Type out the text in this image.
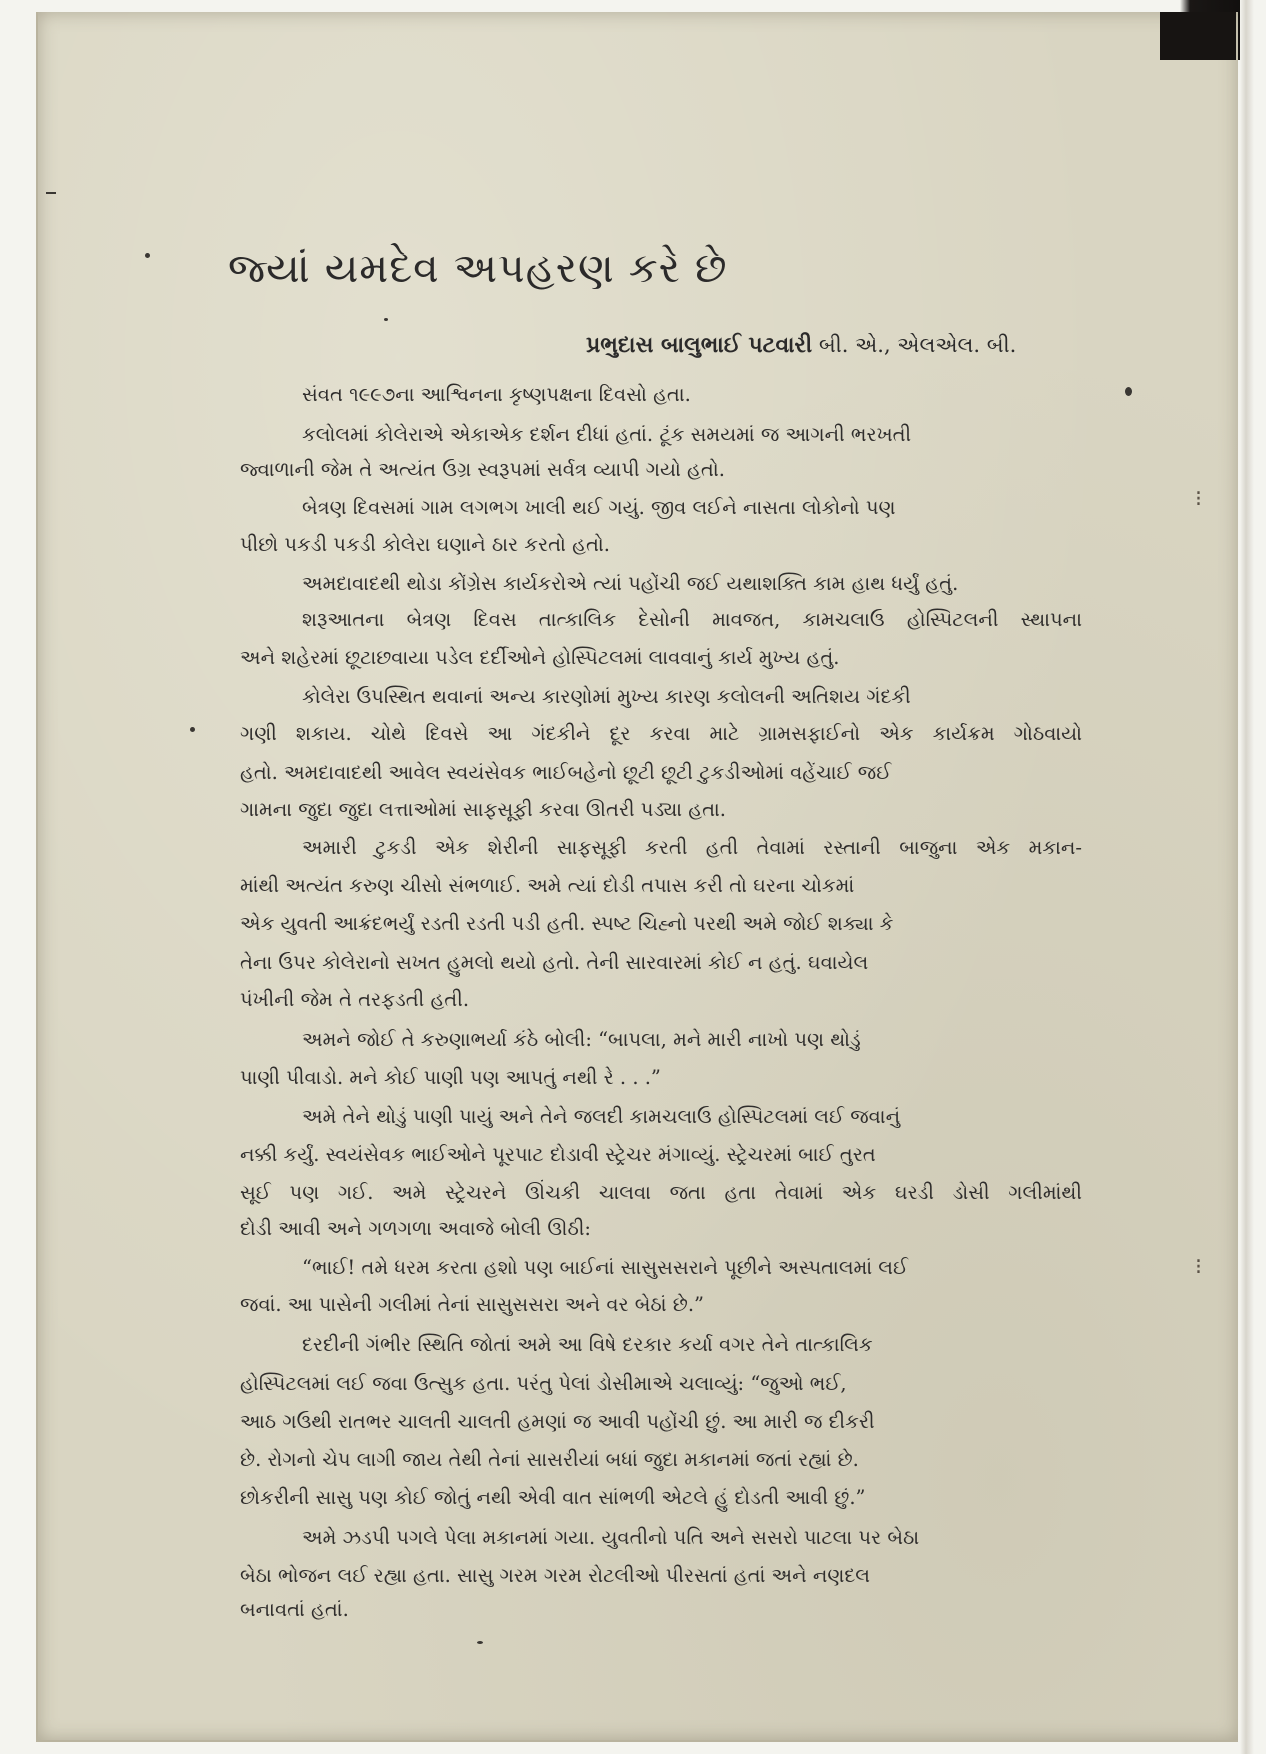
⁝
⁝
જ્યાં યમદેવ અપહરણ કરે છે
પ્રભુદાસ બાલુભાઈ પટવારી બી. એ., એલએલ. બી.
સંવત ૧૯૯૭ના આશ્વિનના કૃષ્ણપક્ષના દિવસો હતા.
કલોલમાં કોલેરાએ એકાએક દર્શન દીધાં હતાં. ટૂંક સમયમાં જ આગની ભરખતી
જ્વાળાની જેમ તે અત્યંત ઉગ્ર સ્વરૂપમાં સર્વત્ર વ્યાપી ગયો હતો.
બેત્રણ દિવસમાં ગામ લગભગ ખાલી થઈ ગયું. જીવ લઈને નાસતા લોકોનો પણ
પીછો પકડી પકડી કોલેરા ઘણાને ઠાર કરતો હતો.
અમદાવાદથી થોડા કોંગ્રેસ કાર્યકરોએ ત્યાં પહોંચી જઈ યથાશક્તિ કામ હાથ ધર્યું હતું.
શરૂઆતના બેત્રણ દિવસ તાત્કાલિક દેસોની માવજત, કામચલાઉ હોસ્પિટલની સ્થાપના
અને શહેરમાં છૂટાછવાયા પડેલ દર્દીઓને હોસ્પિટલમાં લાવવાનું કાર્ય મુખ્ય હતું.
કોલેરા ઉપસ્થિત થવાનાં અન્ય કારણોમાં મુખ્ય કારણ કલોલની અતિશય ગંદકી
ગણી શકાય. ચોથે દિવસે આ ગંદકીને દૂર કરવા માટે ગ્રામસફાઈનો એક કાર્યક્રમ ગોઠવાયો
હતો. અમદાવાદથી આવેલ સ્વયંસેવક ભાઈબહેનો છૂટી છૂટી ટુકડીઓમાં વહેંચાઈ જઈ
ગામના જુદા જુદા લત્તાઓમાં સાફસૂફી કરવા ઊતરી પડ્યા હતા.
અમારી ટુકડી એક શેરીની સાફસૂફી કરતી હતી તેવામાં રસ્તાની બાજુના એક મકાન-
માંથી અત્યંત કરુણ ચીસો સંભળાઈ. અમે ત્યાં દોડી તપાસ કરી તો ઘરના ચોકમાં
એક યુવતી આક્રંદભર્યું રડતી રડતી પડી હતી. સ્પષ્ટ ચિહ્નો પરથી અમે જોઈ શક્યા કે
તેના ઉપર કોલેરાનો સખત હુમલો થયો હતો. તેની સારવારમાં કોઈ ન હતું. ઘવાયેલ
પંખીની જેમ તે તરફડતી હતી.
અમને જોઈ તે કરુણાભર્યા કંઠે બોલી: “બાપલા, મને મારી નાખો પણ થોડું
પાણી પીવાડો. મને કોઈ પાણી પણ આપતું નથી રે . . .”
અમે તેને થોડું પાણી પાયું અને તેને જલદી કામચલાઉ હોસ્પિટલમાં લઈ જવાનું
નક્કી કર્યું. સ્વયંસેવક ભાઈઓને પૂરપાટ દોડાવી સ્ટ્રેચર મંગાવ્યું. સ્ટ્રેચરમાં બાઈ તુરત
સૂઈ પણ ગઈ. અમે સ્ટ્રેચરને ઊંચકી ચાલવા જતા હતા તેવામાં એક ઘરડી ડોસી ગલીમાંથી
દોડી આવી અને ગળગળા અવાજે બોલી ઊઠી:
“ભાઈ! તમે ધરમ કરતા હશો પણ બાઈનાં સાસુસસરાને પૂછીને અસ્પતાલમાં લઈ
જવાં. આ પાસેની ગલીમાં તેનાં સાસુસસરા અને વર બેઠાં છે.”
દરદીની ગંભીર સ્થિતિ જોતાં અમે આ વિષે દરકાર કર્યા વગર તેને તાત્કાલિક
હોસ્પિટલમાં લઈ જવા ઉત્સુક હતા. પરંતુ પેલાં ડોસીમાએ ચલાવ્યું: “જુઓ ભઈ,
આઠ ગઉથી રાતભર ચાલતી ચાલતી હમણાં જ આવી પહોંચી છું. આ મારી જ દીકરી
છે. રોગનો ચેપ લાગી જાય તેથી તેનાં સાસરીયાં બધાં જુદા મકાનમાં જતાં રહ્યાં છે.
છોકરીની સાસુ પણ કોઈ જોતું નથી એવી વાત સાંભળી એટલે હું દોડતી આવી છું.”
અમે ઝડપી પગલે પેલા મકાનમાં ગયા. યુવતીનો પતિ અને સસરો પાટલા પર બેઠા
બેઠા ભોજન લઈ રહ્યા હતા. સાસુ ગરમ ગરમ રોટલીઓ પીરસતાં હતાં અને નણદલ
બનાવતાં હતાં.
